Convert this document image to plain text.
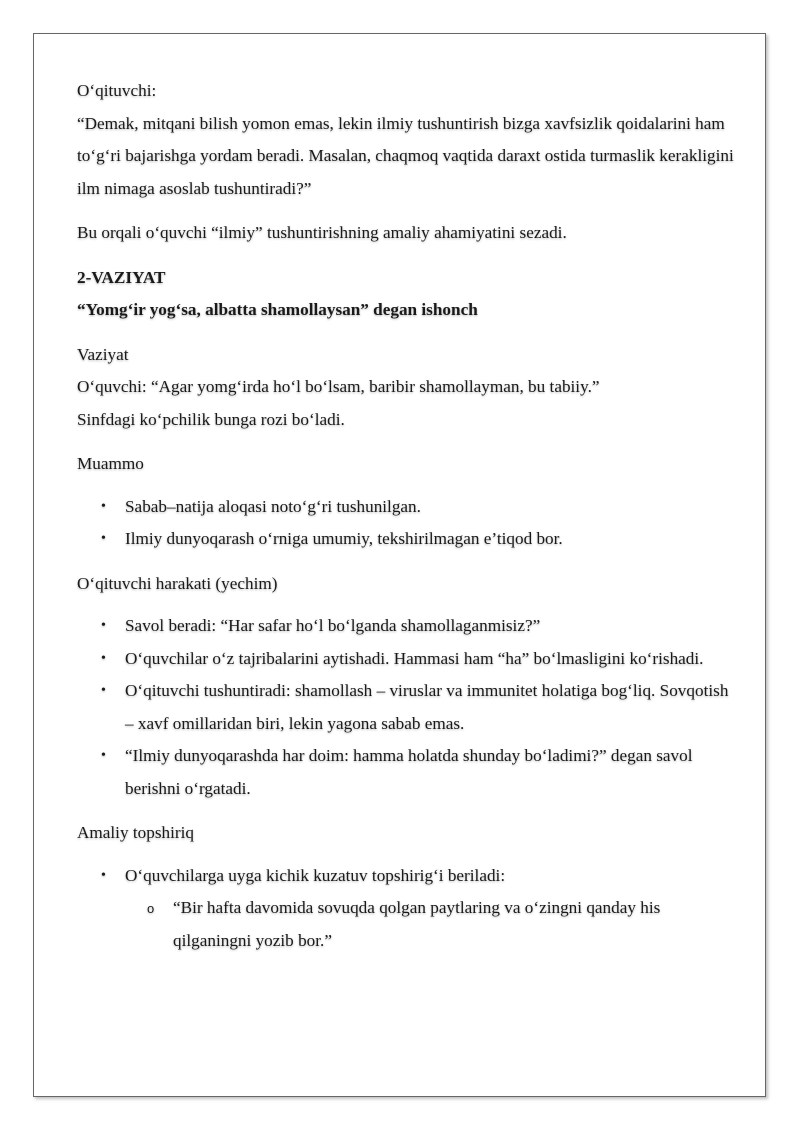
O‘qituvchi:

“Demak, mitqani bilish yomon emas, lekin ilmiy tushuntirish bizga xavfsizlik qoidalarini ham to‘g‘ri bajarishga yordam beradi. Masalan, chaqmoq vaqtida daraxt ostida turmaslik kerakligini ilm nimaga asoslab tushuntiradi?”

Bu orqali o‘quvchi “ilmiy” tushuntirishning amaliy ahamiyatini sezadi.

2-VAZIYAT

“Yomg‘ir yog‘sa, albatta shamollaysan” degan ishonch

Vaziyat

O‘quvchi: “Agar yomg‘irda ho‘l bo‘lsam, baribir shamollayman, bu tabiiy.”

Sinfdagi ko‘pchilik bunga rozi bo‘ladi.

Muammo

• Sabab–natija aloqasi noto‘g‘ri tushunilgan.
• Ilmiy dunyoqarash o‘rniga umumiy, tekshirilmagan e’tiqod bor.

O‘qituvchi harakati (yechim)

• Savol beradi: “Har safar ho‘l bo‘lganda shamollaganmisiz?”
• O‘quvchilar o‘z tajribalarini aytishadi. Hammasi ham “ha” bo‘lmasligini ko‘rishadi.
• O‘qituvchi tushuntiradi: shamollash – viruslar va immunitet holatiga bog‘liq. Sovqotish – xavf omillaridan biri, lekin yagona sabab emas.
• “Ilmiy dunyoqarashda har doim: hamma holatda shunday bo‘ladimi?” degan savol berishni o‘rgatadi.

Amaliy topshiriq

• O‘quvchilarga uyga kichik kuzatuv topshirig‘i beriladi:
o “Bir hafta davomida sovuqda qolgan paytlaring va o‘zingni qanday his qilganingni yozib bor.”
